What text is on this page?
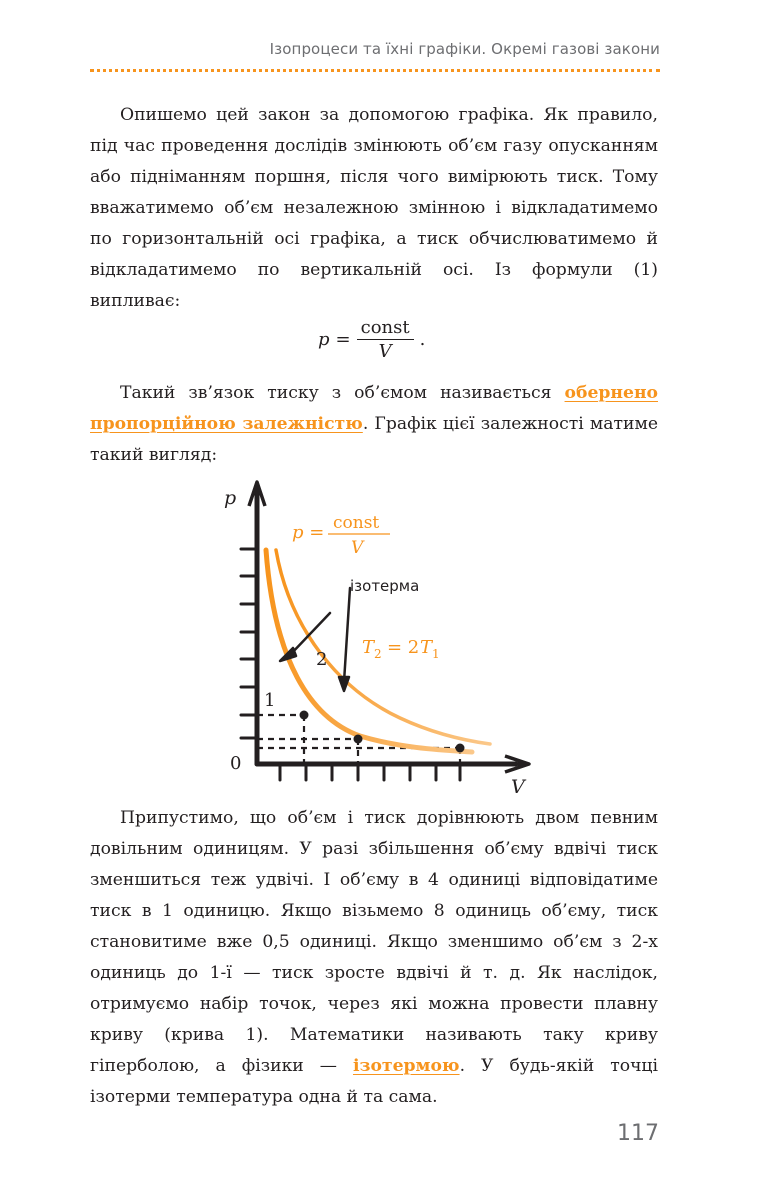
Ізопроцеси та їхні графіки. Окремі газові закони

Опишемо цей закон за допомогою графіка. Як правило, під час проведення дослідів змінюють об’єм газу опусканням або підніманням поршня, після чого вимірюють тиск. Тому вважатимемо об’єм незалежною змінною і відкладатимемо по горизонтальній осі графіка, а тиск обчислюватимемо й відкладатимемо по вертикальній осі. Із формули (1) випливає:

$p = \frac{\text{const}}{V}$ .

Такий зв’язок тиску з об’ємом називається обернено пропорційною залежністю. Графік цієї залежності матиме такий вигляд:

p
V
0
1
2
ізотерма
p = const
V
T 2 = 2 T 1

Припустимо, що об’єм і тиск дорівнюють двом певним довільним одиницям. У разі збільшення об’єму вдвічі тиск зменшиться теж удвічі. І об’єму в 4 одиниці відповідатиме тиск в 1 одиницю. Якщо візьмемо 8 одиниць об’єму, тиск становитиме вже 0,5 одиниці. Якщо зменшимо об’єм з 2-х одиниць до 1-ї — тиск зросте вдвічі й т. д. Як наслідок, отримуємо набір точок, через які можна провести плавну криву (крива 1). Математики називають таку криву гіперболою, а фізики — ізотермою. У будь-якій точці ізотерми температура одна й та сама.

117
